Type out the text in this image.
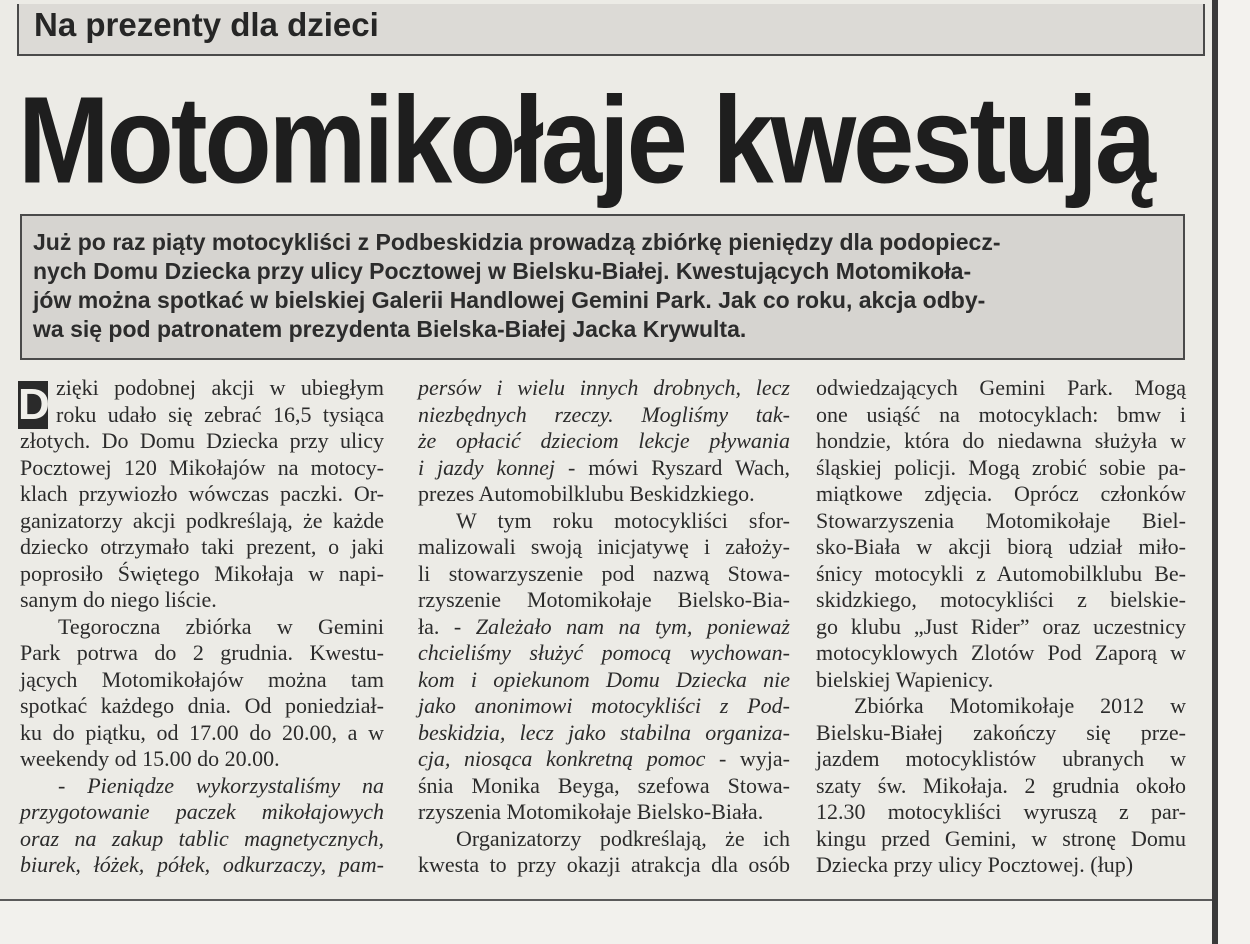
Na prezenty dla dzieci
Motomikołaje kwestują

Już po raz piąty motocykliści z Podbeskidzia prowadzą zbiórkę pieniędzy dla podopiecz-
nych Domu Dziecka przy ulicy Pocztowej w Bielsku-Białej. Kwestujących Motomikoła-
jów można spotkać w bielskiej Galerii Handlowej Gemini Park. Jak co roku, akcja odby-
wa się pod patronatem prezydenta Bielska-Białej Jacka Krywulta.

D zięki podobnej akcji w ubiegłym
roku udało się zebrać 16,5 tysiąca
złotych. Do Domu Dziecka przy ulicy
Pocztowej 120 Mikołajów na motocy-
klach przywiozło wówczas paczki. Or-
ganizatorzy akcji podkreślają, że każde
dziecko otrzymało taki prezent, o jaki
poprosiło Świętego Mikołaja w napi-
sanym do niego liście.
Tegoroczna zbiórka w Gemini
Park potrwa do 2 grudnia. Kwestu-
jących Motomikołajów można tam
spotkać każdego dnia. Od poniedział-
ku do piątku, od 17.00 do 20.00, a w
weekendy od 15.00 do 20.00.
- Pieniądze wykorzystaliśmy na
przygotowanie paczek mikołajowych
oraz na zakup tablic magnetycznych,
biurek, łóżek, półek, odkurzaczy, pam-
persów i wielu innych drobnych, lecz
niezbędnych rzeczy. Mogliśmy tak-
że opłacić dzieciom lekcje pływania
i jazdy konnej - mówi Ryszard Wach,
prezes Automobilklubu Beskidzkiego.
W tym roku motocykliści sfor-
malizowali swoją inicjatywę i założy-
li stowarzyszenie pod nazwą Stowa-
rzyszenie Motomikołaje Bielsko-Bia-
ła. - Zależało nam na tym, ponieważ
chcieliśmy służyć pomocą wychowan-
kom i opiekunom Domu Dziecka nie
jako anonimowi motocykliści z Pod-
beskidzia, lecz jako stabilna organiza-
cja, niosąca konkretną pomoc - wyja-
śnia Monika Beyga, szefowa Stowa-
rzyszenia Motomikołaje Bielsko-Biała.
Organizatorzy podkreślają, że ich
kwesta to przy okazji atrakcja dla osób
odwiedzających Gemini Park. Mogą
one usiąść na motocyklach: bmw i
hondzie, która do niedawna służyła w
śląskiej policji. Mogą zrobić sobie pa-
miątkowe zdjęcia. Oprócz członków
Stowarzyszenia Motomikołaje Biel-
sko-Biała w akcji biorą udział miło-
śnicy motocykli z Automobilklubu Be-
skidzkiego, motocykliści z bielskie-
go klubu „Just Rider” oraz uczestnicy
motocyklowych Zlotów Pod Zaporą w
bielskiej Wapienicy.
Zbiórka Motomikołaje 2012 w
Bielsku-Białej zakończy się prze-
jazdem motocyklistów ubranych w
szaty św. Mikołaja. 2 grudnia około
12.30 motocykliści wyruszą z par-
kingu przed Gemini, w stronę Domu
Dziecka przy ulicy Pocztowej. (łup)
